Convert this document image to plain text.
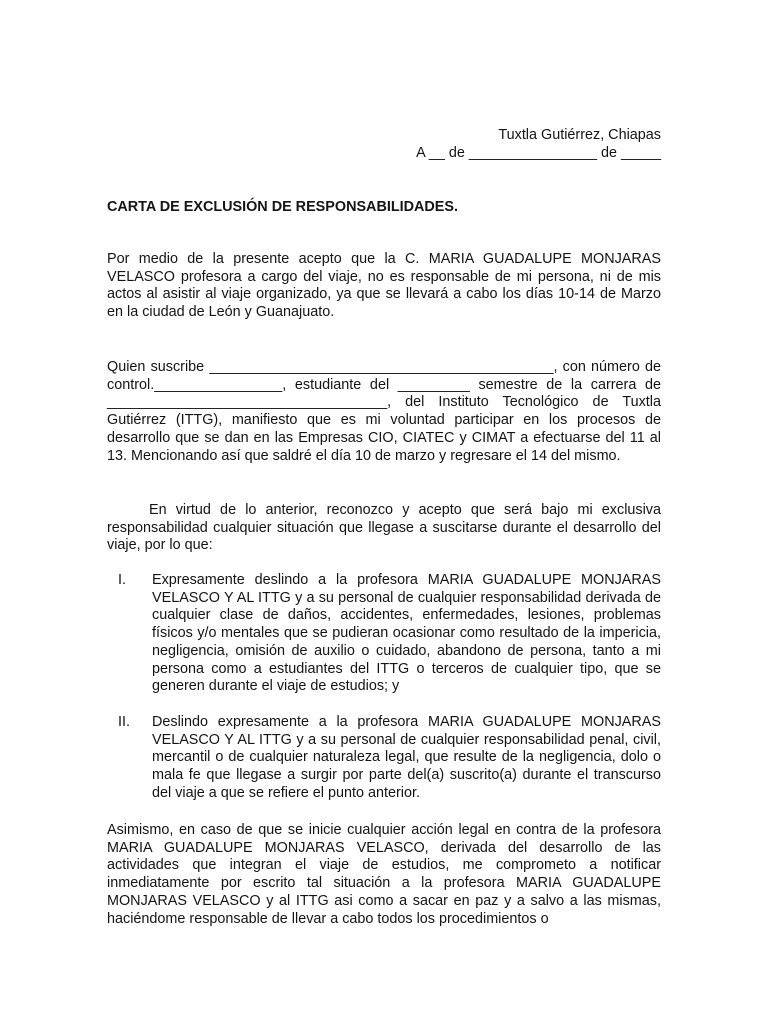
Tuxtla Gutiérrez, Chiapas

A __ de ________________ de _____

CARTA DE EXCLUSIÓN DE RESPONSABILIDADES.

Por medio de la presente acepto que la C. MARIA GUADALUPE MONJARAS VELASCO profesora a cargo del viaje, no es responsable de mi persona, ni de mis actos al asistir al viaje organizado, ya que se llevará a cabo los días 10-14 de Marzo en la ciudad de León y Guanajuato.

Quien suscribe ___________________________________________, con número de control.________________, estudiante del _________ semestre de la carrera de ___________________________________, del Instituto Tecnológico de Tuxtla Gutiérrez (ITTG), manifiesto que es mi voluntad participar en los procesos de desarrollo que se dan en las Empresas CIO, CIATEC y CIMAT a efectuarse del 11 al 13. Mencionando así que saldré el día 10 de marzo y regresare el 14 del mismo.

En virtud de lo anterior, reconozco y acepto que será bajo mi exclusiva responsabilidad cualquier situación que llegase a suscitarse durante el desarrollo del viaje, por lo que:

I.	Expresamente deslindo a la profesora MARIA GUADALUPE MONJARAS VELASCO Y AL ITTG y a su personal de cualquier responsabilidad derivada de cualquier clase de daños, accidentes, enfermedades, lesiones, problemas físicos y/o mentales que se pudieran ocasionar como resultado de la impericia, negligencia, omisión de auxilio o cuidado, abandono de persona, tanto a mi persona como a estudiantes del ITTG o terceros de cualquier tipo, que se generen durante el viaje de estudios; y
II.	Deslindo expresamente a la profesora MARIA GUADALUPE MONJARAS VELASCO Y AL ITTG y a su personal de cualquier responsabilidad penal, civil, mercantil o de cualquier naturaleza legal, que resulte de la negligencia, dolo o mala fe que llegase a surgir por parte del(a) suscrito(a) durante el transcurso del viaje a que se refiere el punto anterior.

Asimismo, en caso de que se inicie cualquier acción legal en contra de la profesora MARIA GUADALUPE MONJARAS VELASCO, derivada del desarrollo de las actividades que integran el viaje de estudios, me comprometo a notificar inmediatamente por escrito tal situación a la profesora MARIA GUADALUPE MONJARAS VELASCO y al ITTG asi como a sacar en paz y a salvo a las mismas, haciéndome responsable de llevar a cabo todos los procedimientos o
